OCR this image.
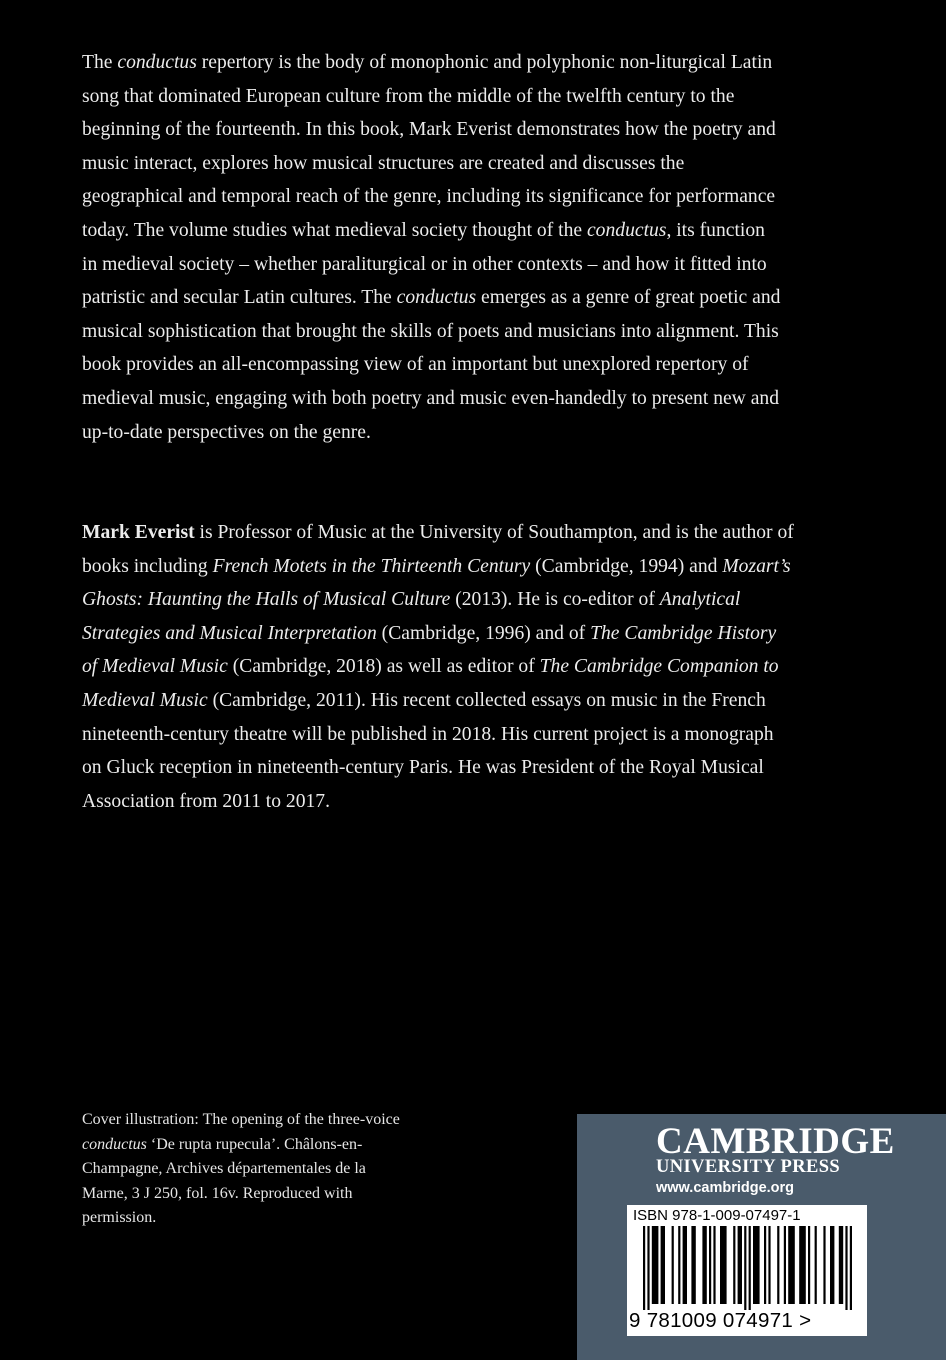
The conductus repertory is the body of monophonic and polyphonic non-liturgical Latin song that dominated European culture from the middle of the twelfth century to the beginning of the fourteenth. In this book, Mark Everist demonstrates how the poetry and music interact, explores how musical structures are created and discusses the geographical and temporal reach of the genre, including its significance for performance today. The volume studies what medieval society thought of the conductus, its function in medieval society – whether paraliturgical or in other contexts – and how it fitted into patristic and secular Latin cultures. The conductus emerges as a genre of great poetic and musical sophistication that brought the skills of poets and musicians into alignment. This book provides an all-encompassing view of an important but unexplored repertory of medieval music, engaging with both poetry and music even-handedly to present new and up-to-date perspectives on the genre.

Mark Everist is Professor of Music at the University of Southampton, and is the author of books including French Motets in the Thirteenth Century (Cambridge, 1994) and Mozart’s Ghosts: Haunting the Halls of Musical Culture (2013). He is co-editor of Analytical Strategies and Musical Interpretation (Cambridge, 1996) and of The Cambridge History of Medieval Music (Cambridge, 2018) as well as editor of The Cambridge Companion to Medieval Music (Cambridge, 2011). His recent collected essays on music in the French nineteenth-century theatre will be published in 2018. His current project is a monograph on Gluck reception in nineteenth-century Paris. He was President of the Royal Musical Association from 2011 to 2017.

Cover illustration: The opening of the three-voice conductus ‘De rupta rupecula’. Châlons-en-Champagne, Archives départementales de la Marne, 3 J 250, fol. 16v. Reproduced with permission.

CAMBRIDGE
UNIVERSITY PRESS
www.cambridge.org
ISBN 978-1-009-07497-1
9 781009 074971 >
